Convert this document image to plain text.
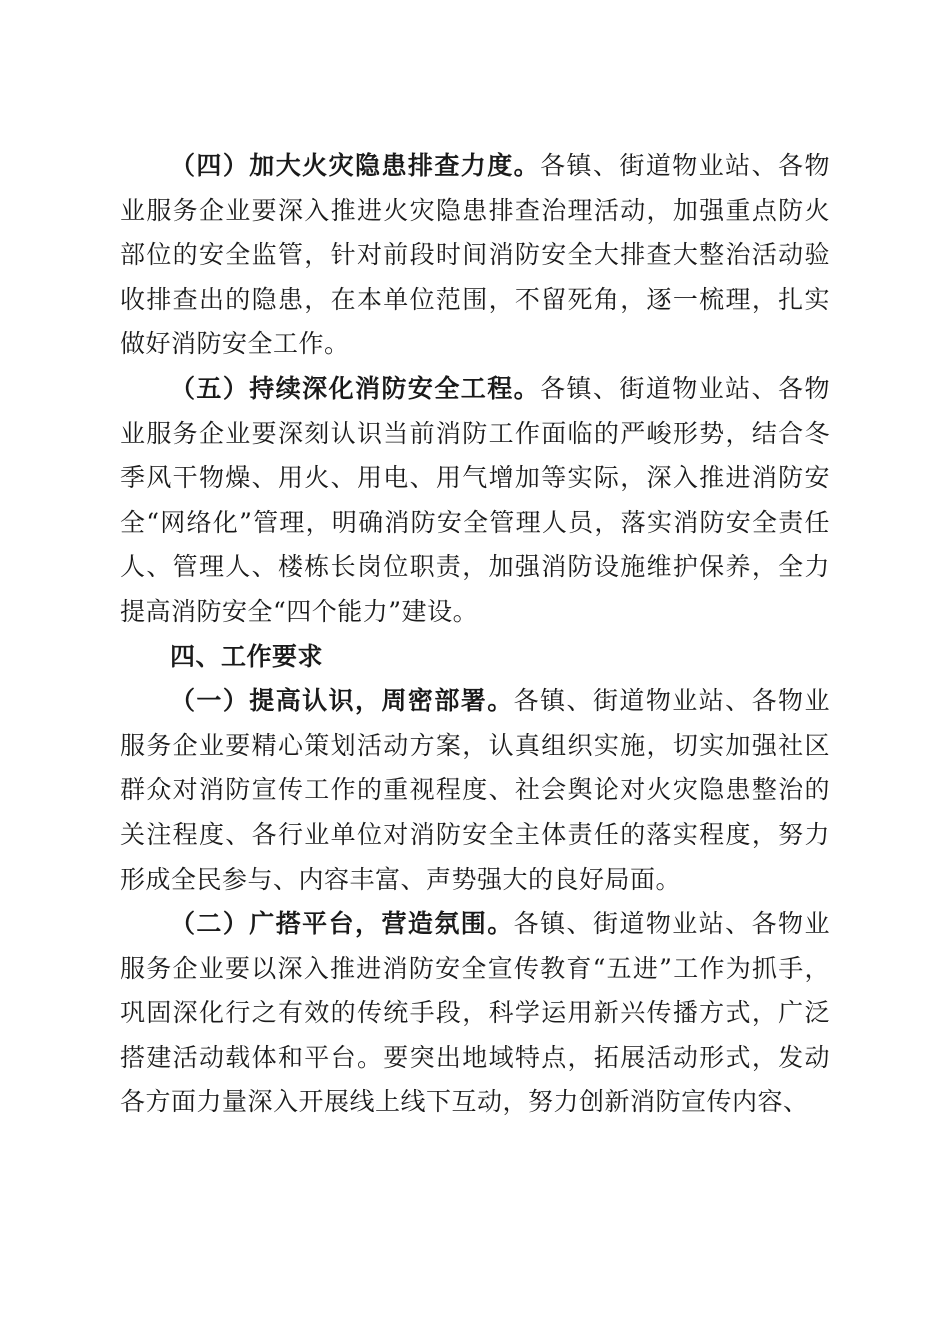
（四）加大火灾隐患排查力度。各镇、街道物业站、各物业服务企业要深入推进火灾隐患排查治理活动，加强重点防火部位的安全监管，针对前段时间消防安全大排查大整治活动验收排查出的隐患，在本单位范围，不留死角，逐一梳理，扎实做好消防安全工作。

（五）持续深化消防安全工程。各镇、街道物业站、各物业服务企业要深刻认识当前消防工作面临的严峻形势，结合冬季风干物燥、用火、用电、用气增加等实际，深入推进消防安全“网络化”管理，明确消防安全管理人员，落实消防安全责任人、管理人、楼栋长岗位职责，加强消防设施维护保养，全力提高消防安全“四个能力”建设。

四、工作要求

（一）提高认识，周密部署。各镇、街道物业站、各物业服务企业要精心策划活动方案，认真组织实施，切实加强社区群众对消防宣传工作的重视程度、社会舆论对火灾隐患整治的关注程度、各行业单位对消防安全主体责任的落实程度，努力形成全民参与、内容丰富、声势强大的良好局面。

（二）广搭平台，营造氛围。各镇、街道物业站、各物业服务企业要以深入推进消防安全宣传教育“五进”工作为抓手，巩固深化行之有效的传统手段，科学运用新兴传播方式，广泛搭建活动载体和平台。要突出地域特点，拓展活动形式，发动各方面力量深入开展线上线下互动，努力创新消防宣传内容、
